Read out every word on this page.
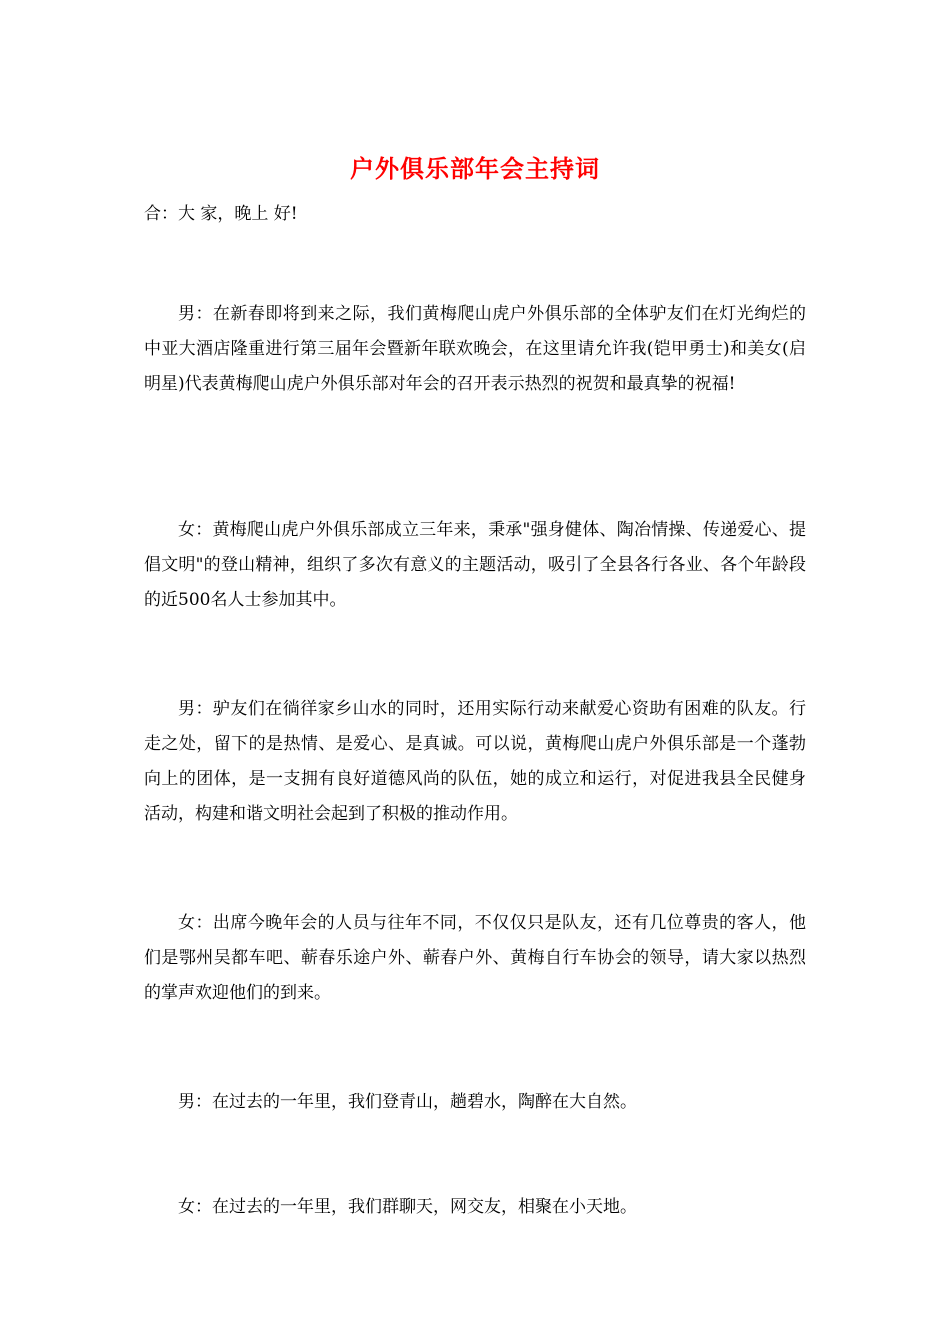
户外俱乐部年会主持词
合：大 家，晚上 好!

男：在新春即将到来之际，我们黄梅爬山虎户外俱乐部的全体驴友们在灯光绚烂的中亚大酒店隆重进行第三届年会暨新年联欢晚会，在这里请允许我(铠甲勇士)和美女(启明星)代表黄梅爬山虎户外俱乐部对年会的召开表示热烈的祝贺和最真挚的祝福!

女：黄梅爬山虎户外俱乐部成立三年来，秉承"强身健体、陶冶情操、传递爱心、提倡文明"的登山精神，组织了多次有意义的主题活动，吸引了全县各行各业、各个年龄段的近500名人士参加其中。

男：驴友们在徜徉家乡山水的同时，还用实际行动来献爱心资助有困难的队友。行走之处，留下的是热情、是爱心、是真诚。可以说，黄梅爬山虎户外俱乐部是一个蓬勃向上的团体，是一支拥有良好道德风尚的队伍，她的成立和运行，对促进我县全民健身活动，构建和谐文明社会起到了积极的推动作用。

女：出席今晚年会的人员与往年不同，不仅仅只是队友，还有几位尊贵的客人，他们是鄂州吴都车吧、蕲春乐途户外、蕲春户外、黄梅自行车协会的领导，请大家以热烈的掌声欢迎他们的到来。

男：在过去的一年里，我们登青山，趟碧水，陶醉在大自然。

女：在过去的一年里，我们群聊天，网交友，相聚在小天地。
